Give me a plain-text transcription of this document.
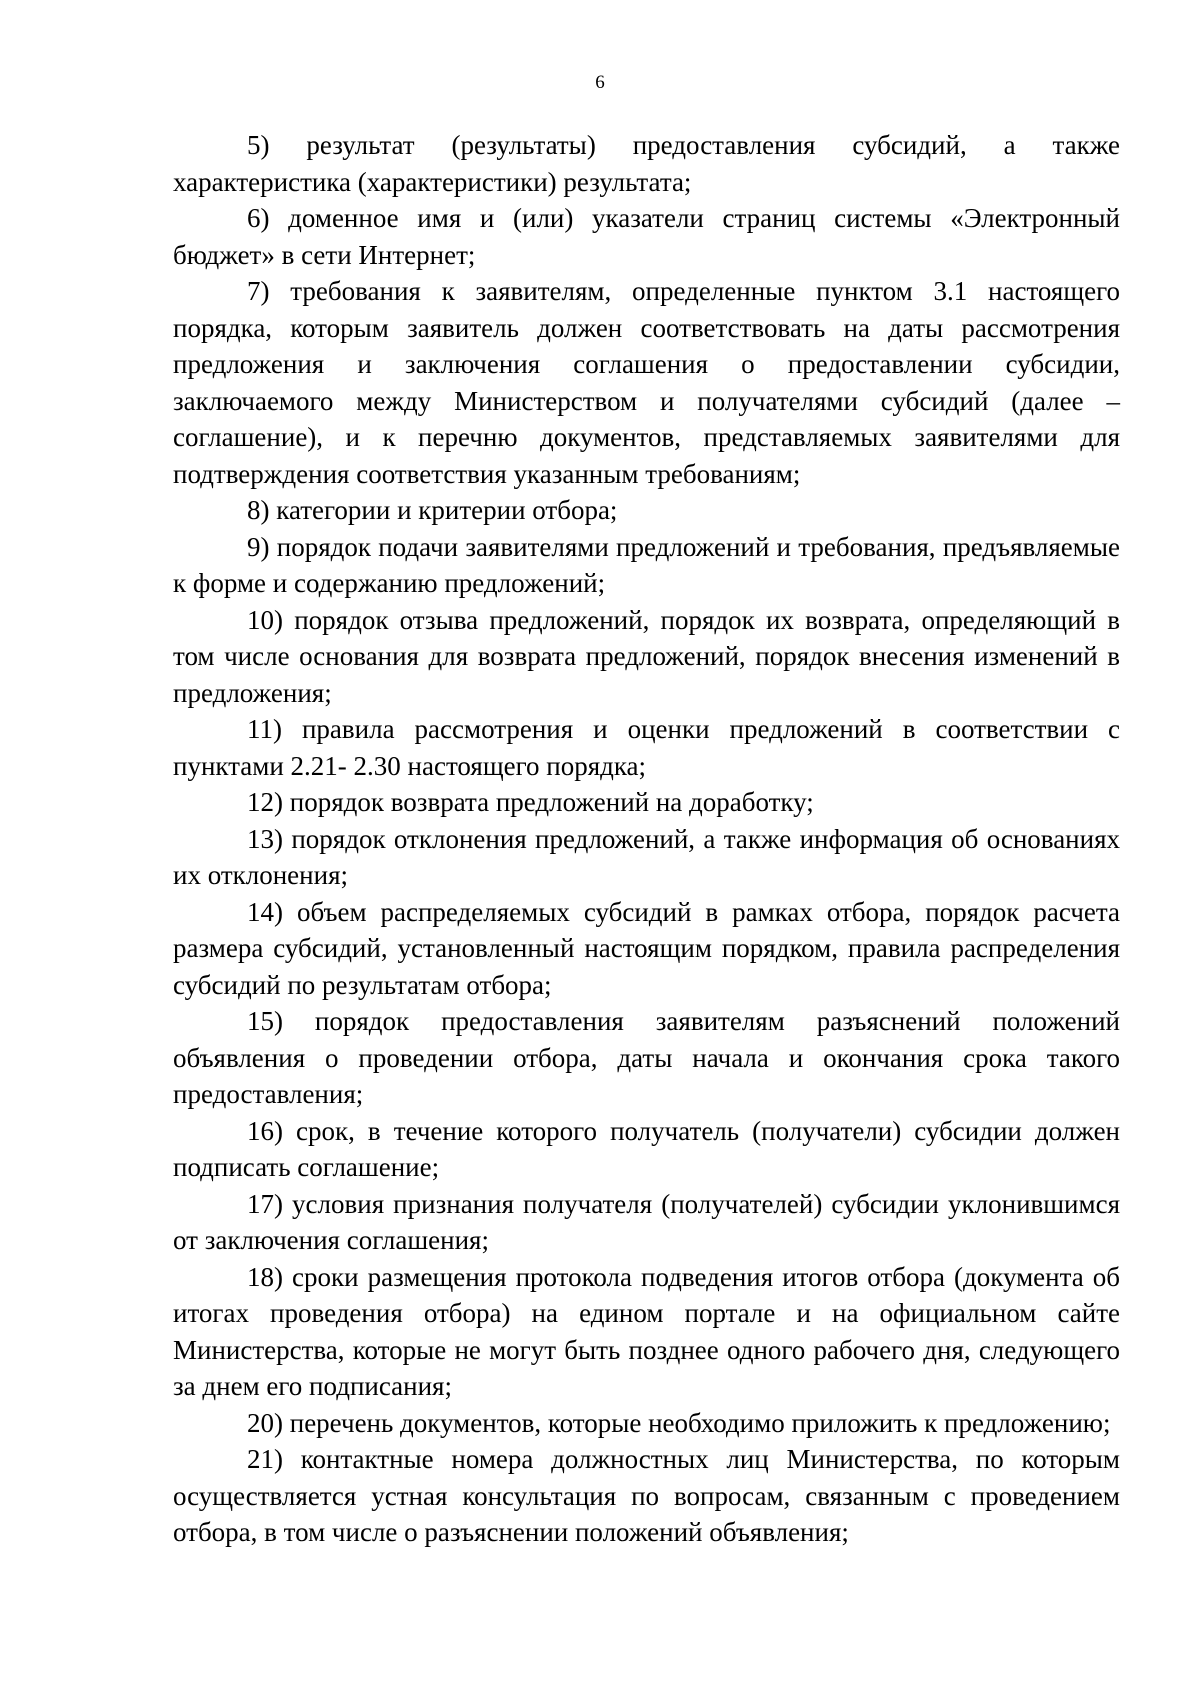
6

5) результат (результаты) предоставления субсидий, а также характеристика (характеристики) результата;

6) доменное имя и (или) указатели страниц системы «Электронный бюджет» в сети Интернет;

7) требования к заявителям, определенные пунктом 3.1 настоящего порядка, которым заявитель должен соответствовать на даты рассмотрения предложения и заключения соглашения о предоставлении субсидии, заключаемого между Министерством и получателями субсидий (далее – соглашение), и к перечню документов, представляемых заявителями для подтверждения соответствия указанным требованиям;

8) категории и критерии отбора;

9) порядок подачи заявителями предложений и требования, предъявляемые к форме и содержанию предложений;

10) порядок отзыва предложений, порядок их возврата, определяющий в том числе основания для возврата предложений, порядок внесения изменений в предложения;

11) правила рассмотрения и оценки предложений в соответствии с пунктами 2.21- 2.30 настоящего порядка;

12) порядок возврата предложений на доработку;

13) порядок отклонения предложений, а также информация об основаниях их отклонения;

14) объем распределяемых субсидий в рамках отбора, порядок расчета размера субсидий, установленный настоящим порядком, правила распределения субсидий по результатам отбора;

15) порядок предоставления заявителям разъяснений положений объявления о проведении отбора, даты начала и окончания срока такого предоставления;

16) срок, в течение которого получатель (получатели) субсидии должен подписать соглашение;

17) условия признания получателя (получателей) субсидии уклонившимся от заключения соглашения;

18) сроки размещения протокола подведения итогов отбора (документа об итогах проведения отбора) на едином портале и на официальном сайте Министерства, которые не могут быть позднее одного рабочего дня, следующего за днем его подписания;

20) перечень документов, которые необходимо приложить к предложению;

21) контактные номера должностных лиц Министерства, по которым осуществляется устная консультация по вопросам, связанным с проведением отбора, в том числе о разъяснении положений объявления;
